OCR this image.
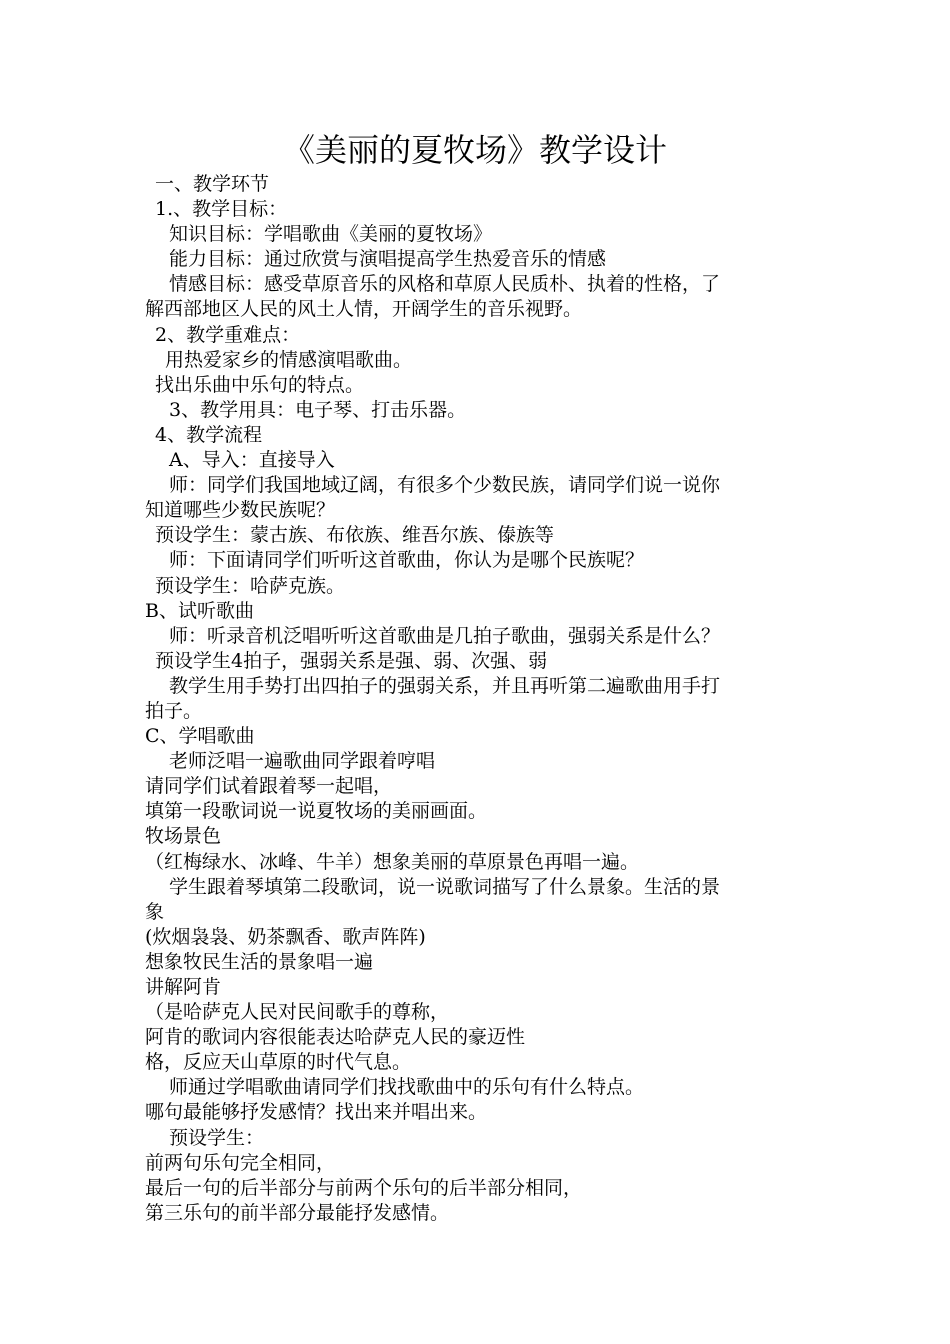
《美丽的夏牧场》教学设计
一、教学环节
1.、教学目标：
知识目标：学唱歌曲《美丽的夏牧场》
能力目标：通过欣赏与演唱提高学生热爱音乐的情感
情感目标：感受草原音乐的风格和草原人民质朴、执着的性格，了
解西部地区人民的风土人情，开阔学生的音乐视野。
2、教学重难点：
用热爱家乡的情感演唱歌曲。
找出乐曲中乐句的特点。
3、教学用具：电子琴、打击乐器。
4、教学流程
A、导入：直接导入
师：同学们我国地域辽阔，有很多个少数民族，请同学们说一说你
知道哪些少数民族呢？
预设学生：蒙古族、布依族、维吾尔族、傣族等
师：下面请同学们听听这首歌曲，你认为是哪个民族呢？
预设学生：哈萨克族。
B、试听歌曲
师：听录音机泛唱听听这首歌曲是几拍子歌曲，强弱关系是什么？
预设学生4拍子，强弱关系是强、弱、次强、弱
教学生用手势打出四拍子的强弱关系，并且再听第二遍歌曲用手打
拍子。
C、学唱歌曲
老师泛唱一遍歌曲同学跟着哼唱
请同学们试着跟着琴一起唱，
填第一段歌词说一说夏牧场的美丽画面。
牧场景色
（红梅绿水、冰峰、牛羊）想象美丽的草原景色再唱一遍。
学生跟着琴填第二段歌词，说一说歌词描写了什么景象。生活的景
象
(炊烟袅袅、奶茶飘香、歌声阵阵)
想象牧民生活的景象唱一遍
讲解阿肯
（是哈萨克人民对民间歌手的尊称，
阿肯的歌词内容很能表达哈萨克人民的豪迈性
格，反应天山草原的时代气息。
师通过学唱歌曲请同学们找找歌曲中的乐句有什么特点。
哪句最能够抒发感情？找出来并唱出来。
预设学生：
前两句乐句完全相同，
最后一句的后半部分与前两个乐句的后半部分相同，
第三乐句的前半部分最能抒发感情。
